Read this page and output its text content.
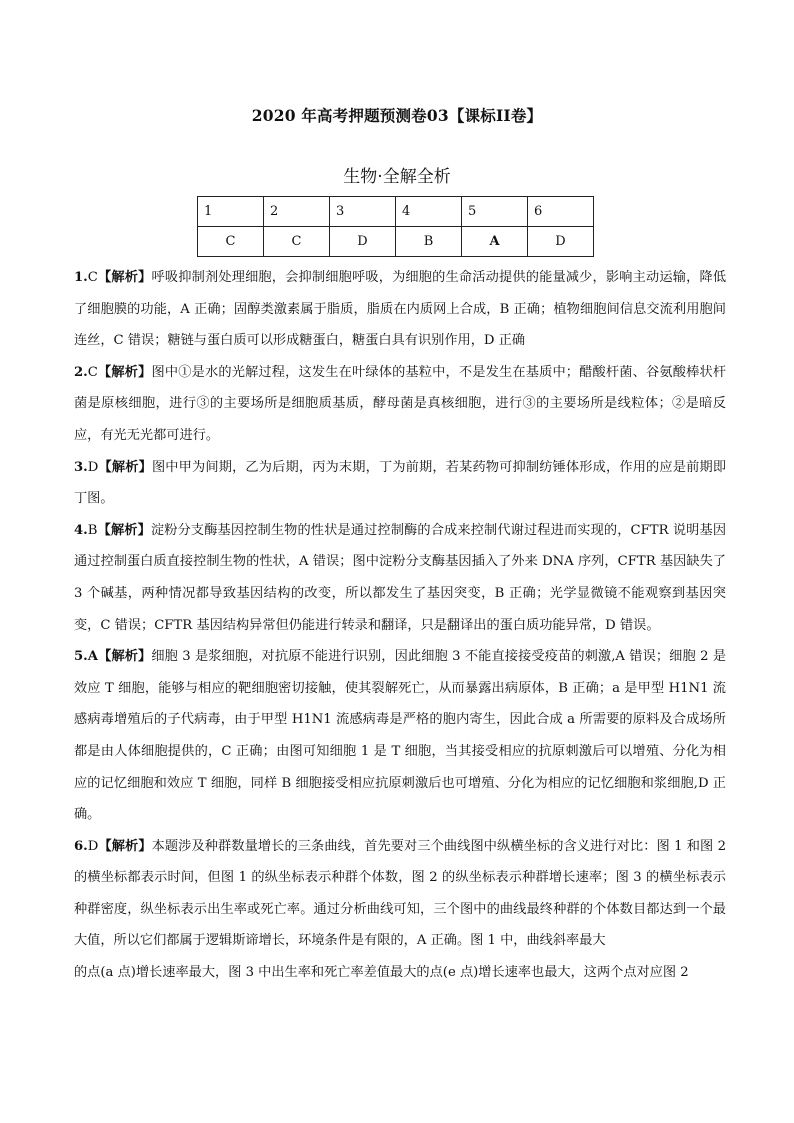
2020 年高考押题预测卷03【课标II卷】
生物·全解全析
1	2	3	4	5	6
C	C	D	B	A	D

1.C【解析】呼吸抑制剂处理细胞，会抑制细胞呼吸，为细胞的生命活动提供的能量减少，影响主动运输，降低了细胞膜的功能，A 正确；固醇类激素属于脂质，脂质在内质网上合成，B 正确；植物细胞间信息交流利用胞间连丝，C 错误；糖链与蛋白质可以形成糖蛋白，糖蛋白具有识别作用，D 正确

2.C【解析】图中①是水的光解过程，这发生在叶绿体的基粒中，不是发生在基质中；醋酸杆菌、谷氨酸棒状杆菌是原核细胞，进行③的主要场所是细胞质基质，酵母菌是真核细胞，进行③的主要场所是线粒体；②是暗反应，有光无光都可进行。

3.D【解析】图中甲为间期，乙为后期，丙为末期，丁为前期，若某药物可抑制纺锤体形成，作用的应是前期即丁图。

4.B【解析】淀粉分支酶基因控制生物的性状是通过控制酶的合成来控制代谢过程进而实现的，CFTR 说明基因通过控制蛋白质直接控制生物的性状，A 错误；图中淀粉分支酶基因插入了外来 DNA 序列，CFTR 基因缺失了 3 个碱基，两种情况都导致基因结构的改变，所以都发生了基因突变，B 正确；光学显微镜不能观察到基因突变，C 错误；CFTR 基因结构异常但仍能进行转录和翻译，只是翻译出的蛋白质功能异常，D 错误。

5.A【解析】细胞 3 是浆细胞，对抗原不能进行识别，因此细胞 3 不能直接接受疫苗的刺激,A 错误；细胞 2 是效应 T 细胞，能够与相应的靶细胞密切接触，使其裂解死亡，从而暴露出病原体，B 正确；a 是甲型 H1N1 流感病毒增殖后的子代病毒，由于甲型 H1N1 流感病毒是严格的胞内寄生，因此合成 a 所需要的原料及合成场所都是由人体细胞提供的，C 正确；由图可知细胞 1 是 T 细胞，当其接受相应的抗原刺激后可以增殖、分化为相应的记忆细胞和效应 T 细胞，同样 B 细胞接受相应抗原刺激后也可增殖、分化为相应的记忆细胞和浆细胞,D 正确。

6.D【解析】本题涉及种群数量增长的三条曲线，首先要对三个曲线图中纵横坐标的含义进行对比：图 1 和图 2 的横坐标都表示时间，但图 1 的纵坐标表示种群个体数，图 2 的纵坐标表示种群增长速率；图 3 的横坐标表示种群密度，纵坐标表示出生率或死亡率。通过分析曲线可知，三个图中的曲线最终种群的个体数目都达到一个最大值，所以它们都属于逻辑斯谛增长，环境条件是有限的，A 正确。图 1 中，曲线斜率最大

的点(a 点)增长速率最大，图 3 中出生率和死亡率差值最大的点(e 点)增长速率也最大，这两个点对应图 2
